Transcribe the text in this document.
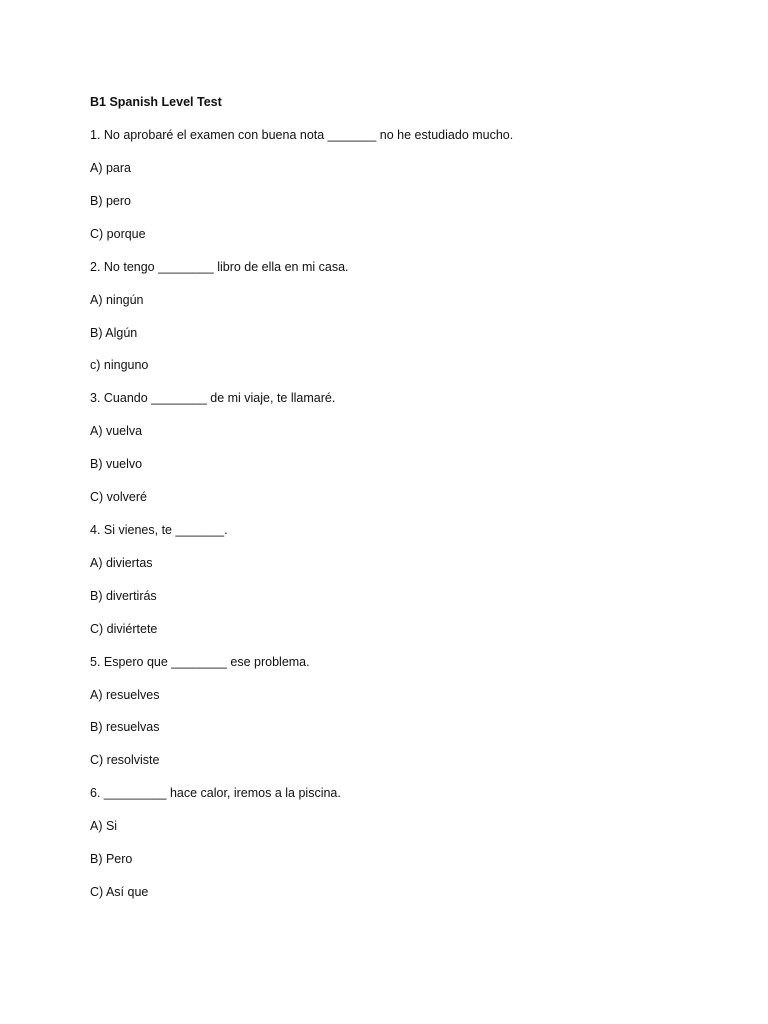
B1 Spanish Level Test

1. No aprobaré el examen con buena nota _______ no he estudiado mucho.

A) para

B) pero

C) porque

2. No tengo ________ libro de ella en mi casa.

A) ningún

B) Algún

c) ninguno

3. Cuando ________ de mi viaje, te llamaré.

A) vuelva

B) vuelvo

C) volveré

4. Si vienes, te _______.

A) diviertas

B) divertirás

C) diviértete

5. Espero que ________ ese problema.

A) resuelves

B) resuelvas

C) resolviste

6. _________ hace calor, iremos a la piscina.

A) Si

B) Pero

C) Así que
